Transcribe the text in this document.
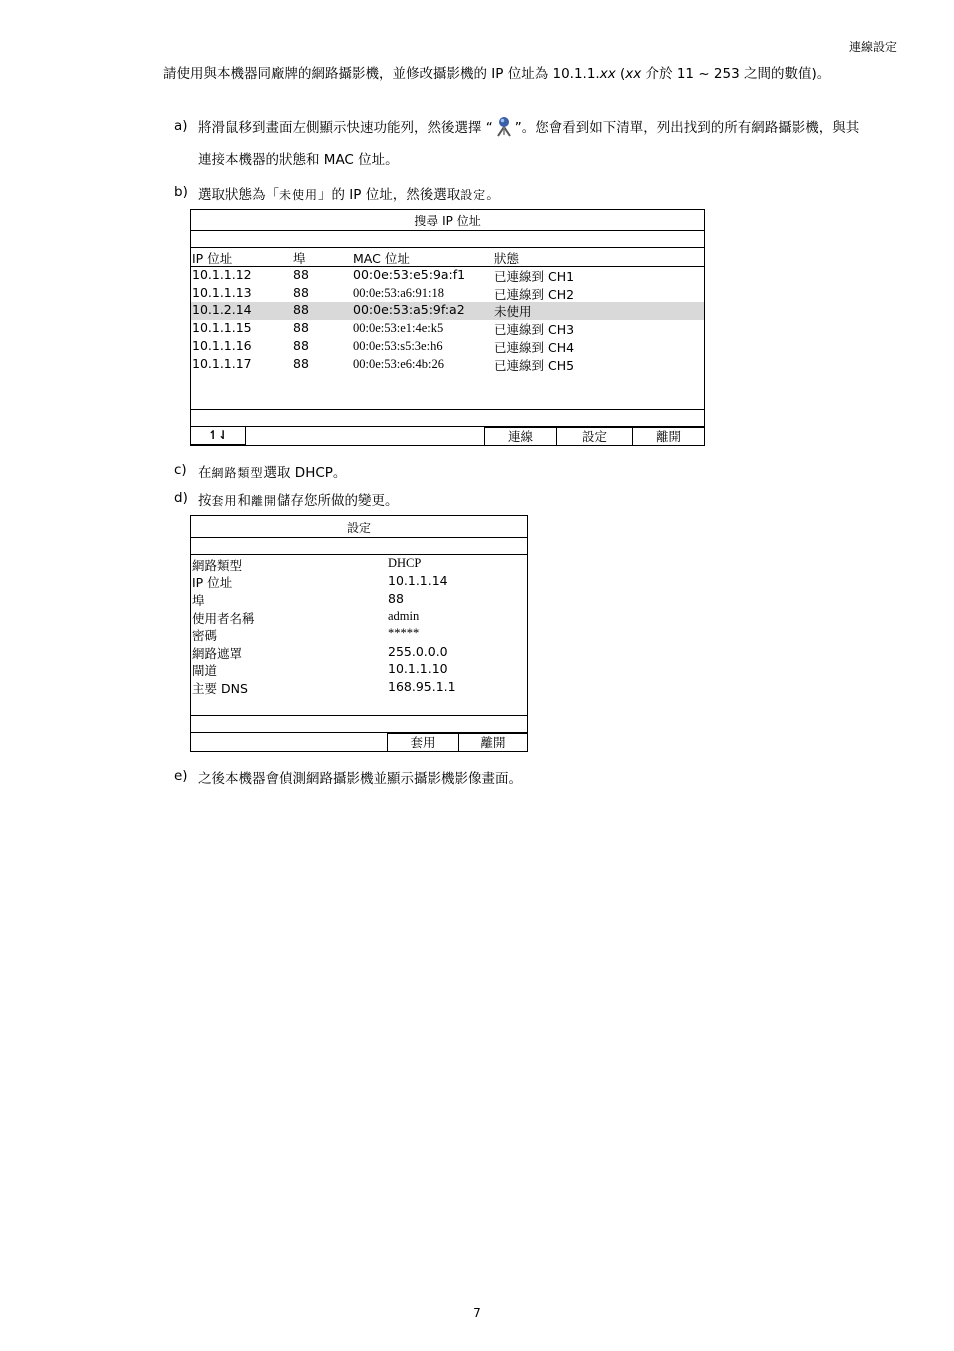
連線設定
請使用與本機器同廠牌的網路攝影機，並修改攝影機的 IP 位址為 10.1.1.xx (xx 介於 11 ~ 253 之間的數值)。
a) 將滑鼠移到畫面左側顯示快速功能列，然後選擇 “ ”。您會看到如下清單，列出找到的所有網路攝影機，與其
連接本機器的狀態和 MAC 位址。
b) 選取狀態為「未使用」的 IP 位址，然後選取設定。
搜尋 IP 位址
IP 位址	埠	MAC 位址	狀態
10.1.1.12	88	00:0e:53:e5:9a:f1 已連線到 CH1
10.1.1.13	88	00:0e:53:a6:91:18	已連線到 CH2
10.1.2.14	88	00:0e:53:a5:9f:a2 未使用
10.1.1.15	88	00:0e:53:e1:4e:k5	已連線到 CH3
10.1.1.16	88	00:0e:53:s5:3e:h6	已連線到 CH4
10.1.1.17	88	00:0e:53:e6:4b:26	已連線到 CH5
↿⇃	連線	設定	離開
c) 在網路類型選取 DHCP。
d) 按套用和離開儲存您所做的變更。
設定
網路類型	DHCP
IP 位址	10.1.1.14
埠	88
使用者名稱	admin
密碼	*****
網路遮罩	255.0.0.0
閘道	10.1.1.10
主要 DNS	168.95.1.1
套用	離開
e) 之後本機器會偵測網路攝影機並顯示攝影機影像畫面。
7
